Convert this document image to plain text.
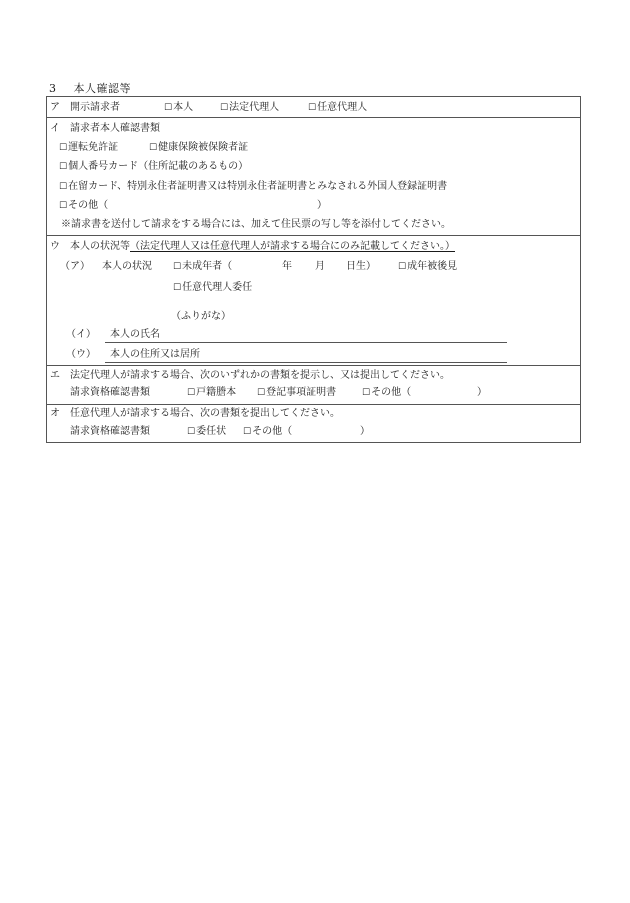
3 本人確認等
ア 開示請求者	☐本人	☐法定代理人	☐任意代理人
イ 請求者本人確認書類
☐運転免許証	☐健康保険被保険者証
☐個人番号カード（住所記載のあるもの）
☐在留カード、特別永住者証明書又は特別永住者証明書とみなされる外国人登録証明書
☐その他（	）
※請求書を送付して請求をする場合には、加えて住民票の写し等を添付してください。
ウ 本人の状況等（法定代理人又は任意代理人が請求する場合にのみ記載してください。）
（ア） 本人の状況 ☐未成年者（	年 月 日生） ☐成年被後見
☐任意代理人委任
（ふりがな）
（イ） 本人の氏名
（ウ） 本人の住所又は居所
エ 法定代理人が請求する場合、次のいずれかの書類を提示し、又は提出してください。
請求資格確認書類	☐戸籍謄本 ☐登記事項証明書	☐その他（	）
オ 任意代理人が請求する場合、次の書類を提出してください。
請求資格確認書類	☐委任状 ☐その他（	）
